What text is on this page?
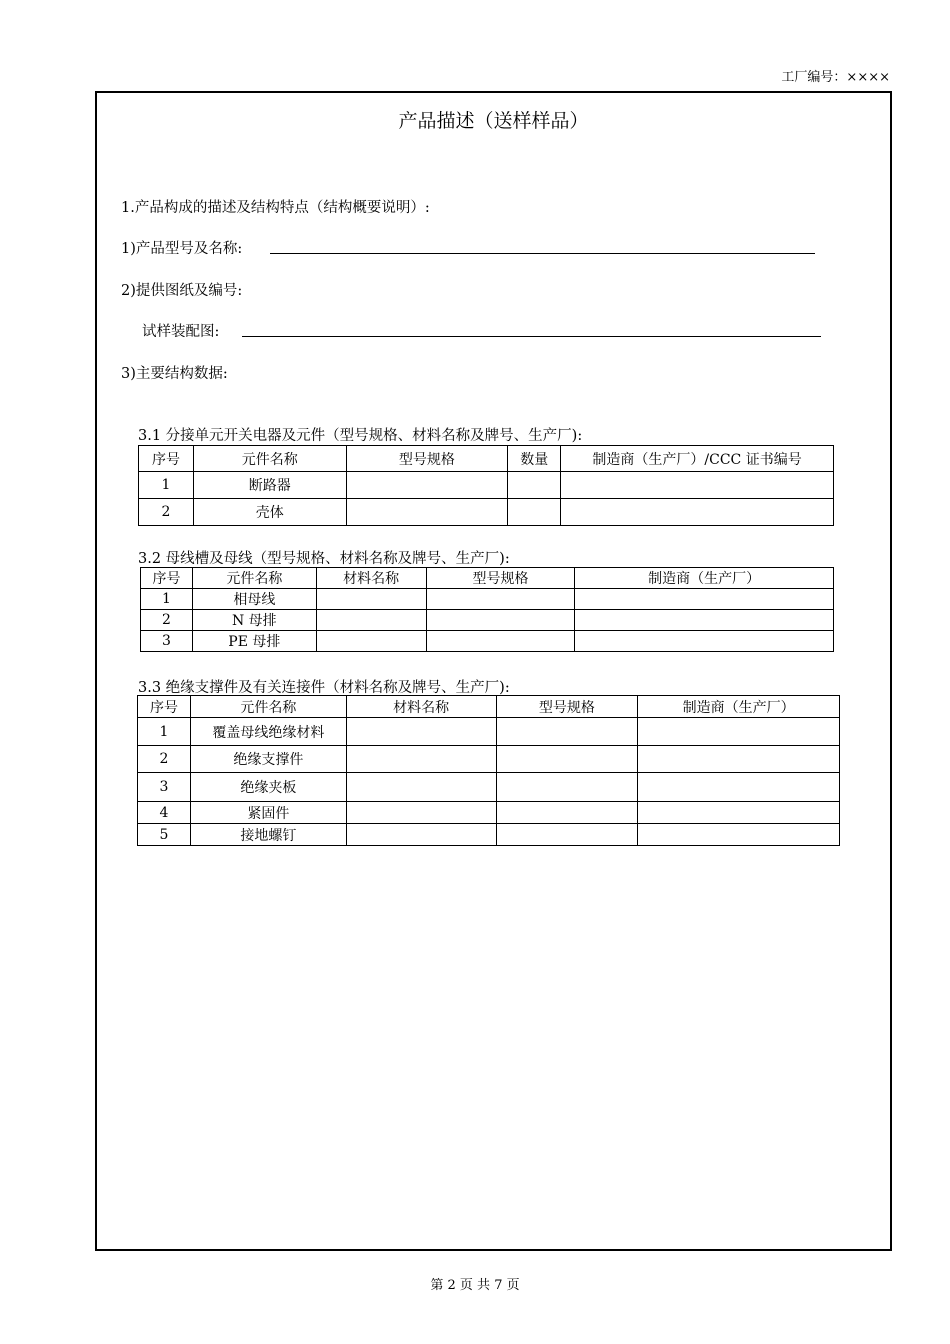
工厂编号：××××
产品描述（送样样品）
1.产品构成的描述及结构特点（结构概要说明）:
1)产品型号及名称:
2)提供图纸及编号:
试样装配图:
3)主要结构数据:
3.1 分接单元开关电器及元件（型号规格、材料名称及牌号、生产厂):
序号	元件名称	型号规格	数量	制造商（生产厂）/CCC 证书编号
1	断路器			
2	壳体			
3.2 母线槽及母线（型号规格、材料名称及牌号、生产厂):
序号	元件名称	材料名称	型号规格	制造商（生产厂）
1	相母线			
2	N 母排			
3	PE 母排			
3.3 绝缘支撑件及有关连接件（材料名称及牌号、生产厂):
序号	元件名称	材料名称	型号规格	制造商（生产厂）
1	覆盖母线绝缘材料			
2	绝缘支撑件			
3	绝缘夹板			
4	紧固件			
5	接地螺钉			
第 2 页 共 7 页
